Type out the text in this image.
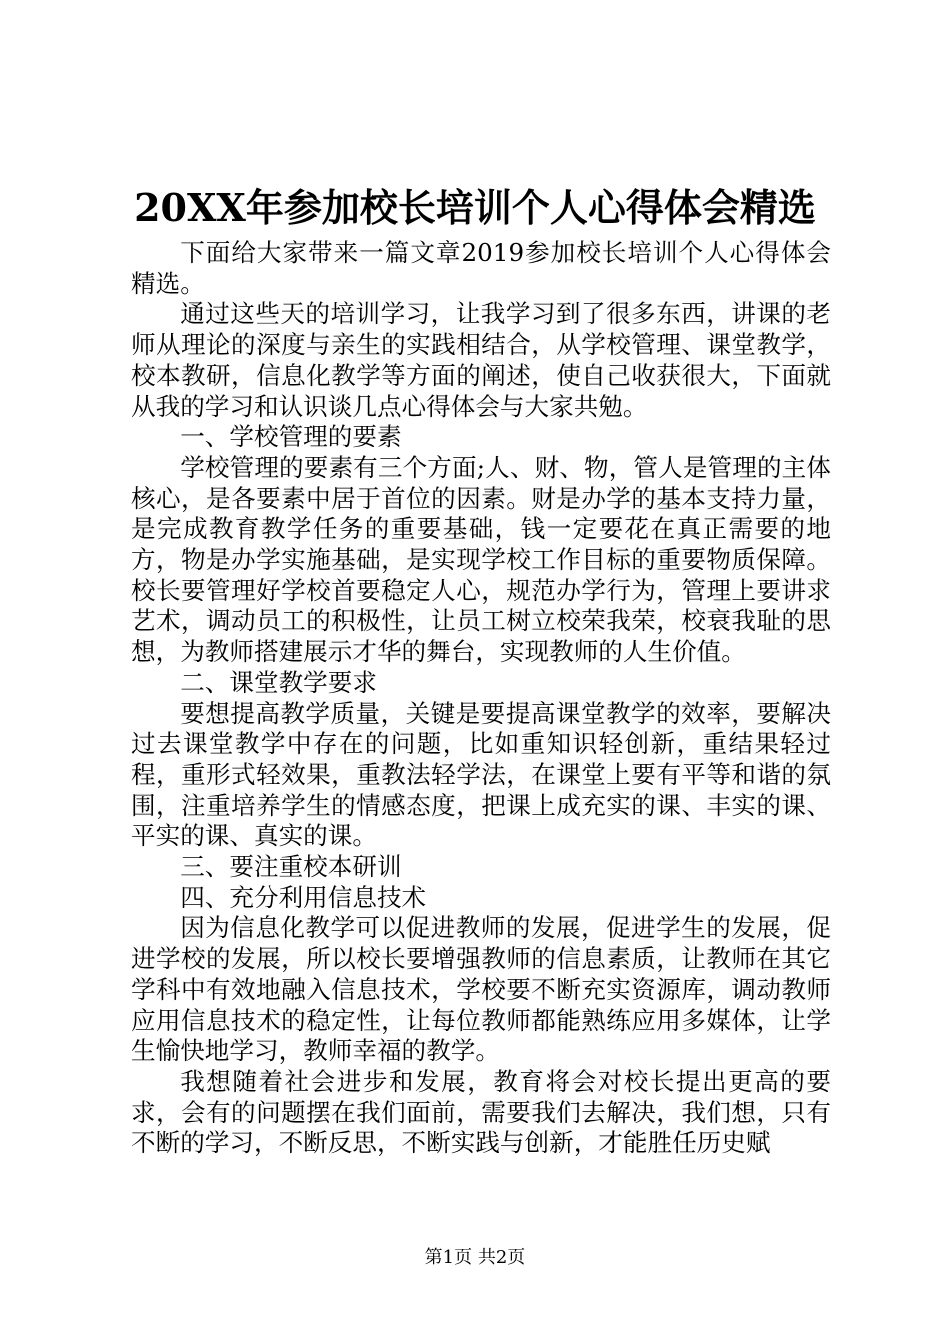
20XX年参加校长培训个人心得体会精选

下面给大家带来一篇文章2019参加校长培训个人心得体会精选。

通过这些天的培训学习，让我学习到了很多东西，讲课的老师从理论的深度与亲生的实践相结合，从学校管理、课堂教学，校本教研，信息化教学等方面的阐述，使自己收获很大，下面就从我的学习和认识谈几点心得体会与大家共勉。

一、学校管理的要素

学校管理的要素有三个方面;人、财、物，管人是管理的主体核心，是各要素中居于首位的因素。财是办学的基本支持力量，是完成教育教学任务的重要基础，钱一定要花在真正需要的地方，物是办学实施基础，是实现学校工作目标的重要物质保障。校长要管理好学校首要稳定人心，规范办学行为，管理上要讲求艺术，调动员工的积极性，让员工树立校荣我荣，校衰我耻的思想，为教师搭建展示才华的舞台，实现教师的人生价值。

二、课堂教学要求

要想提高教学质量，关键是要提高课堂教学的效率，要解决过去课堂教学中存在的问题，比如重知识轻创新，重结果轻过程，重形式轻效果，重教法轻学法，在课堂上要有平等和谐的氛围，注重培养学生的情感态度，把课上成充实的课、丰实的课、平实的课、真实的课。

三、要注重校本研训

四、充分利用信息技术

因为信息化教学可以促进教师的发展，促进学生的发展，促进学校的发展，所以校长要增强教师的信息素质，让教师在其它学科中有效地融入信息技术，学校要不断充实资源库，调动教师应用信息技术的稳定性，让每位教师都能熟练应用多媒体，让学生愉快地学习，教师幸福的教学。

我想随着社会进步和发展，教育将会对校长提出更高的要求，会有的问题摆在我们面前，需要我们去解决，我们想，只有不断的学习，不断反思，不断实践与创新，才能胜任历史赋

第1页 共2页
